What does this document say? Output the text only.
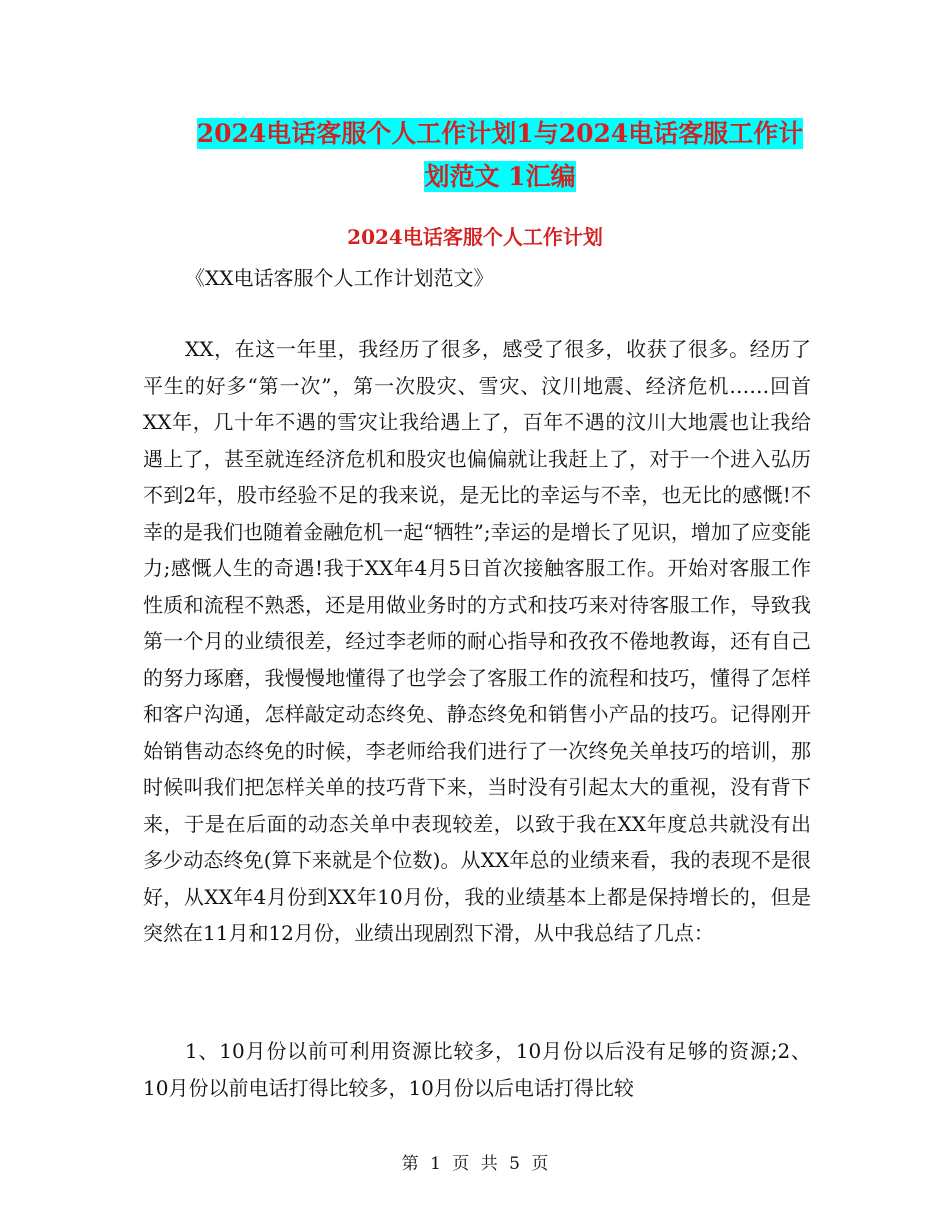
2024电话客服个人工作计划1与2024电话客服工作计
划范文 1汇编
2024电话客服个人工作计划
《XX电话客服个人工作计划范文》
XX，在这一年里，我经历了很多，感受了很多，收获了很多。经历了平生的好多“第一次”，第一次股灾、雪灾、汶川地震、经济危机……回首XX年，几十年不遇的雪灾让我给遇上了，百年不遇的汶川大地震也让我给遇上了，甚至就连经济危机和股灾也偏偏就让我赶上了，对于一个进入弘历不到2年，股市经验不足的我来说，是无比的幸运与不幸，也无比的感慨!不幸的是我们也随着金融危机一起“牺牲”;幸运的是增长了见识，增加了应变能力;感慨人生的奇遇!我于XX年4月5日首次接触客服工作。开始对客服工作性质和流程不熟悉，还是用做业务时的方式和技巧来对待客服工作，导致我第一个月的业绩很差，经过李老师的耐心指导和孜孜不倦地教诲，还有自己的努力琢磨，我慢慢地懂得了也学会了客服工作的流程和技巧，懂得了怎样和客户沟通，怎样敲定动态终免、静态终免和销售小产品的技巧。记得刚开始销售动态终免的时候，李老师给我们进行了一次终免关单技巧的培训，那时候叫我们把怎样关单的技巧背下来，当时没有引起太大的重视，没有背下来，于是在后面的动态关单中表现较差，以致于我在XX年度总共就没有出多少动态终免(算下来就是个位数)。从XX年总的业绩来看，我的表现不是很好，从XX年4月份到XX年10月份，我的业绩基本上都是保持增长的，但是突然在11月和12月份，业绩出现剧烈下滑，从中我总结了几点：
1、10月份以前可利用资源比较多，10月份以后没有足够的资源;2、10月份以前电话打得比较多，10月份以后电话打得比较
第 1 页 共 5 页
